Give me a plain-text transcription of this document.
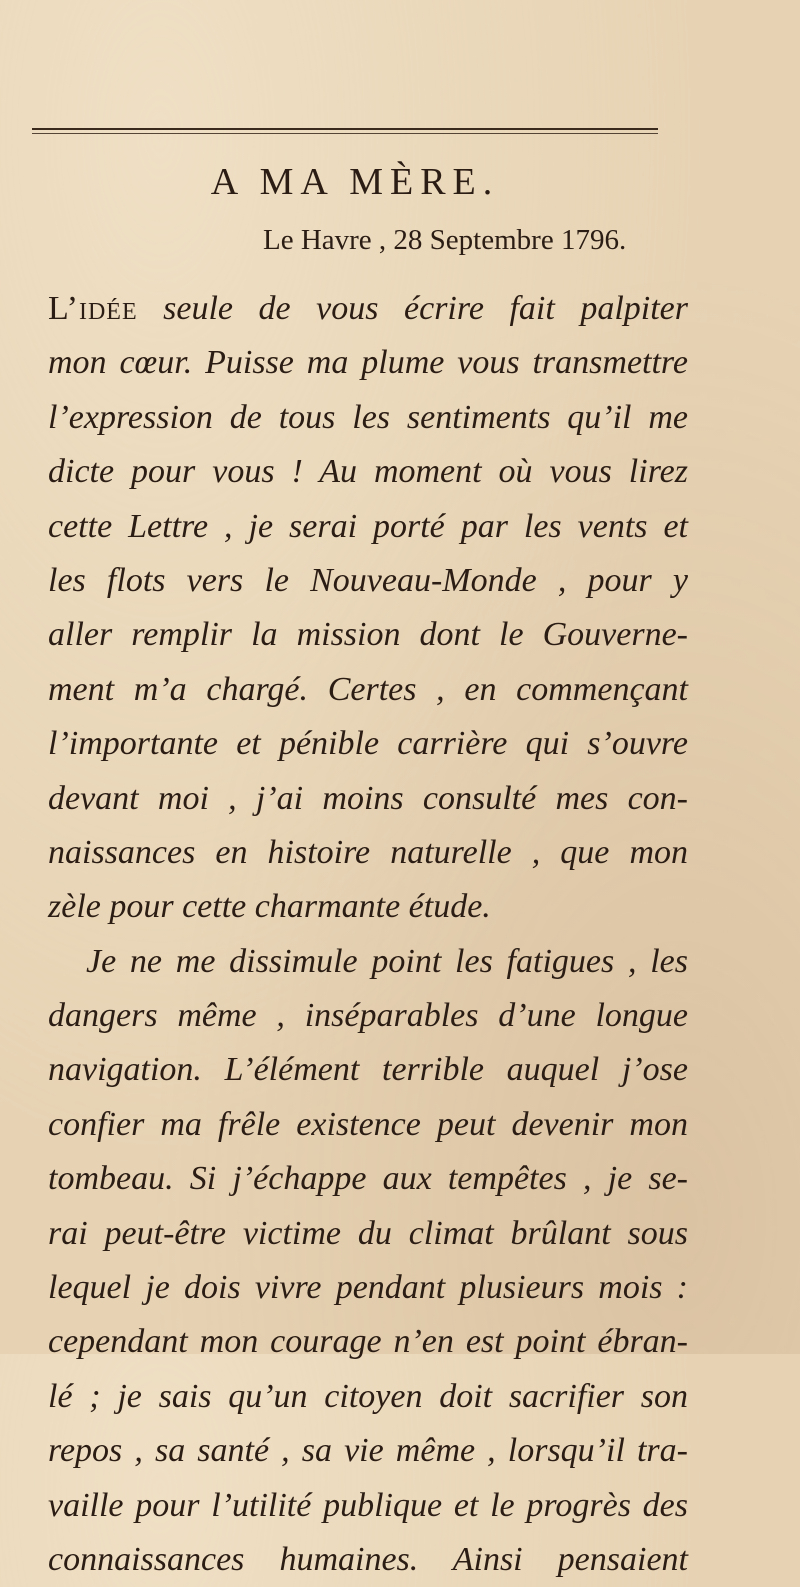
A MA MÈRE.
Le Havre , 28 Septembre 1796.
L’idée seule de vous écrire fait palpiter
mon cœur. Puisse ma plume vous transmettre
l’expression de tous les sentiments qu’il me
dicte pour vous ! Au moment où vous lirez
cette Lettre , je serai porté par les vents et
les flots vers le Nouveau-Monde , pour y
aller remplir la mission dont le Gouverne-
ment m’a chargé. Certes , en commençant
l’importante et pénible carrière qui s’ouvre
devant moi , j’ai moins consulté mes con-
naissances en histoire naturelle , que mon
zèle pour cette charmante étude.
Je ne me dissimule point les fatigues , les
dangers même , inséparables d’une longue
navigation. L’élément terrible auquel j’ose
confier ma frêle existence peut devenir mon
tombeau. Si j’échappe aux tempêtes , je se-
rai peut-être victime du climat brûlant sous
lequel je dois vivre pendant plusieurs mois :
cependant mon courage n’en est point ébran-
lé ; je sais qu’un citoyen doit sacrifier son
repos , sa santé , sa vie même , lorsqu’il tra-
vaille pour l’utilité publique et le progrès des
connaissances humaines. Ainsi pensaient
